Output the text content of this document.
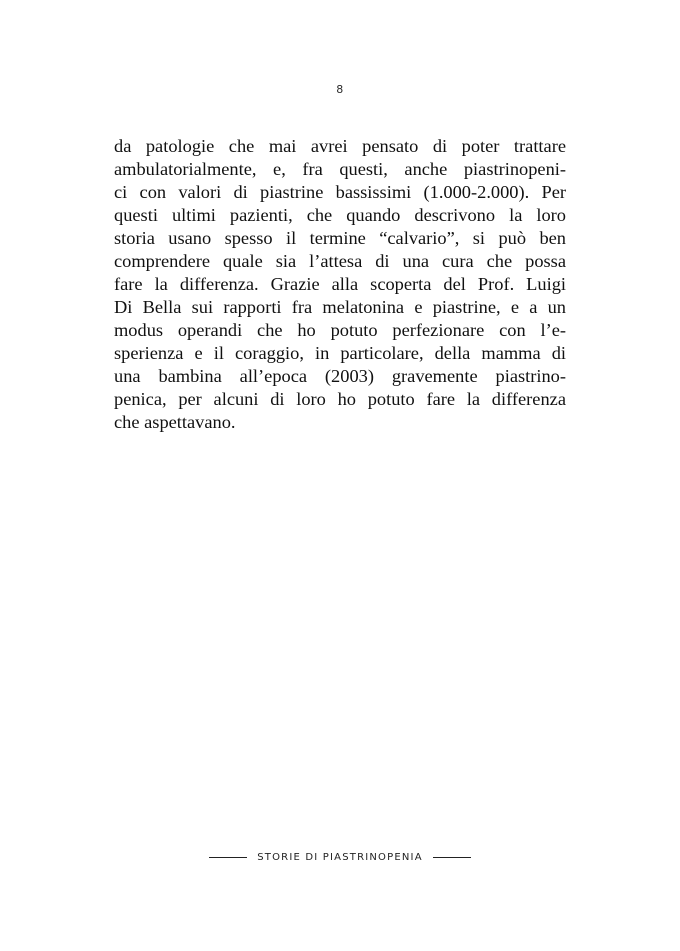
8
da patologie che mai avrei pensato di poter trattare
ambulatorialmente, e, fra questi, anche piastrinopeni-
ci con valori di piastrine bassissimi (1.000-2.000). Per
questi ultimi pazienti, che quando descrivono la loro
storia usano spesso il termine “calvario”, si può ben
comprendere quale sia l’attesa di una cura che possa
fare la differenza. Grazie alla scoperta del Prof. Luigi
Di Bella sui rapporti fra melatonina e piastrine, e a un
modus operandi che ho potuto perfezionare con l’e-
sperienza e il coraggio, in particolare, della mamma di
una bambina all’epoca (2003) gravemente piastrino-
penica, per alcuni di loro ho potuto fare la differenza
che aspettavano.
STORIE DI PIASTRINOPENIA
